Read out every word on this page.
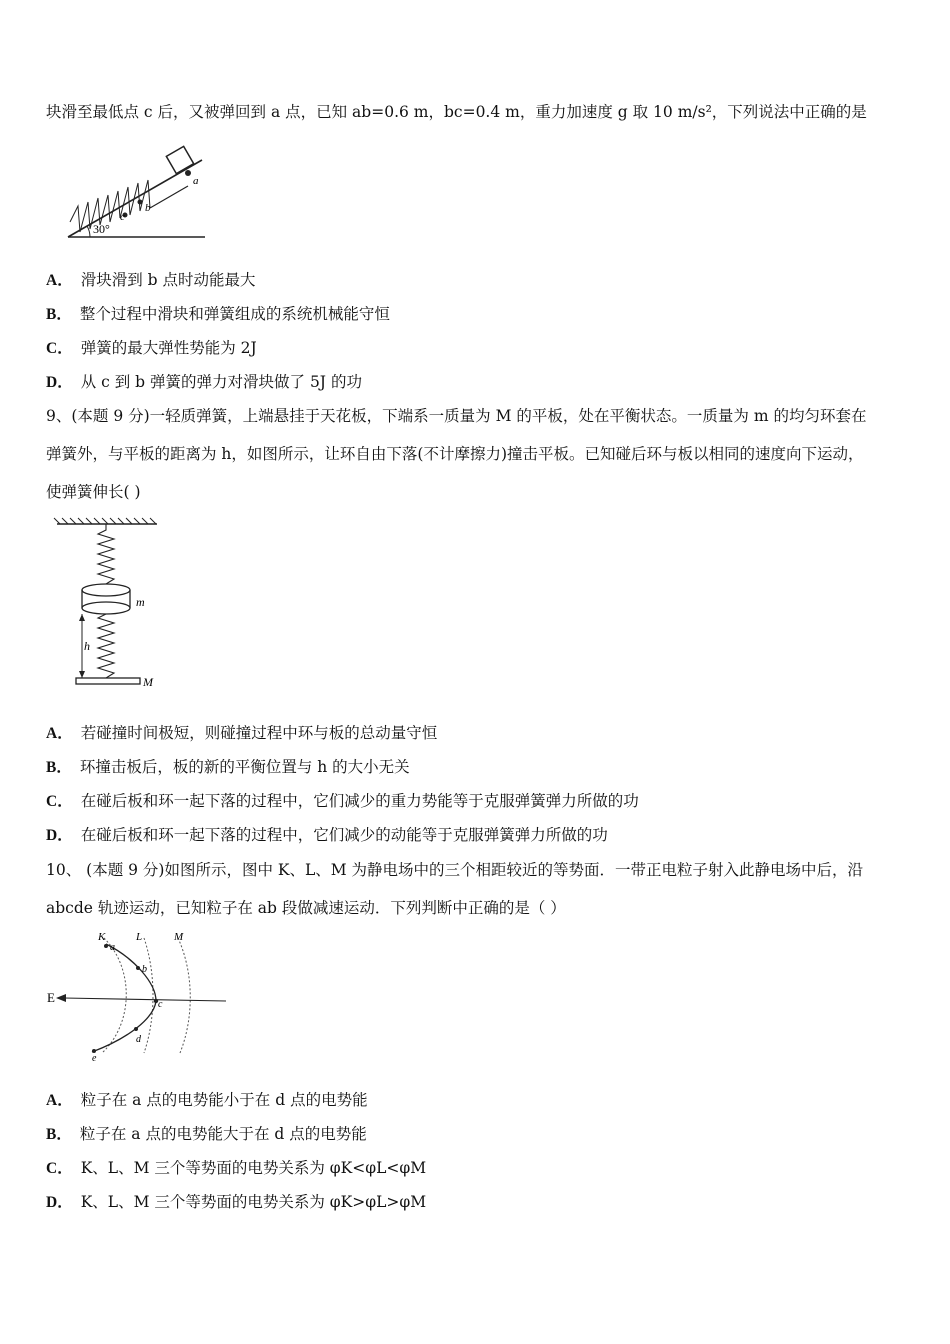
块滑至最低点 c 后，又被弹回到 a 点，已知 ab=0.6 m，bc=0.4 m，重力加速度 g 取 10 m/s²，下列说法中正确的是
30°
c
b
a
A． 滑块滑到 b 点时动能最大
B． 整个过程中滑块和弹簧组成的系统机械能守恒
C． 弹簧的最大弹性势能为 2J
D． 从 c 到 b 弹簧的弹力对滑块做了 5J 的功
9、(本题 9 分)一轻质弹簧，上端悬挂于天花板，下端系一质量为 M 的平板，处在平衡状态。一质量为 m 的均匀环套在
弹簧外，与平板的距离为 h，如图所示，让环自由下落(不计摩擦力)撞击平板。已知碰后环与板以相同的速度向下运动，
使弹簧伸长( )
h
m
M
A． 若碰撞时间极短，则碰撞过程中环与板的总动量守恒
B． 环撞击板后，板的新的平衡位置与 h 的大小无关
C． 在碰后板和环一起下落的过程中，它们减少的重力势能等于克服弹簧弹力所做的功
D． 在碰后板和环一起下落的过程中，它们减少的动能等于克服弹簧弹力所做的功
10、 (本题 9 分)如图所示，图中 K、L、M 为静电场中的三个相距较近的等势面．一带正电粒子射入此静电场中后，沿
abcde 轨迹运动，已知粒子在 ab 段做减速运动．下列判断中正确的是（ ）
K	L	M
E
a
b
c
d
e
A． 粒子在 a 点的电势能小于在 d 点的电势能
B． 粒子在 a 点的电势能大于在 d 点的电势能
C． K、L、M 三个等势面的电势关系为 φK<φL<φM
D． K、L、M 三个等势面的电势关系为 φK>φL>φM
